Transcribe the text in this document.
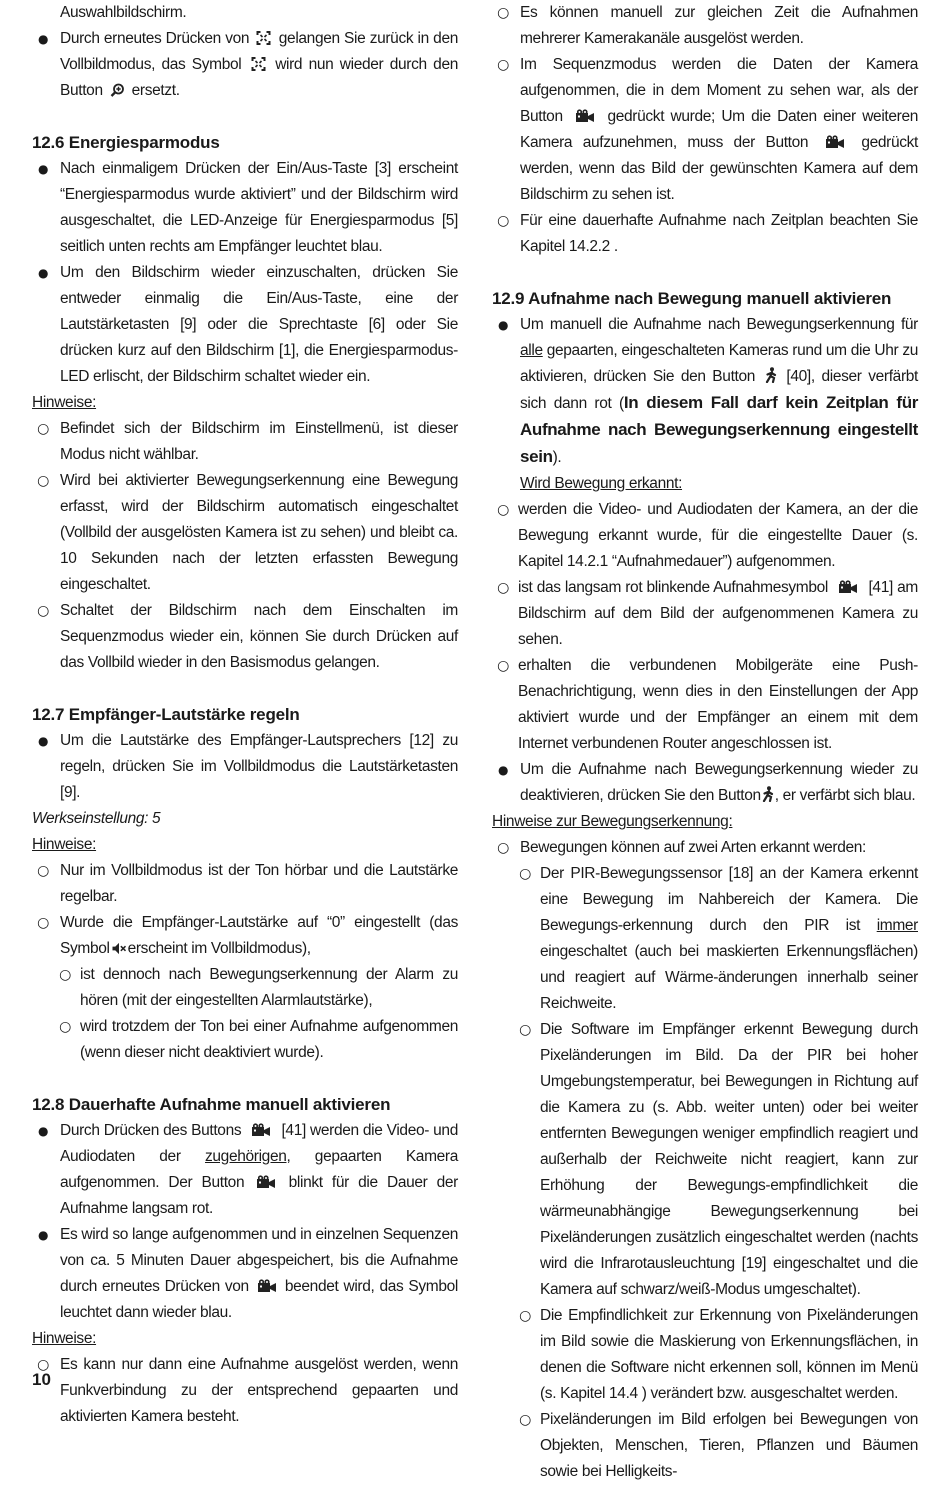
Auswahlbildschirm.

●
Durch erneutes Drücken von gelangen Sie zurück in den Vollbildmodus, das Symbol wird nun wieder durch den Button ersetzt.
12.6 Energiesparmodus
●
Nach einmaligem Drücken der Ein/Aus-Taste [3] erscheint “Energiesparmodus wurde aktiviert” und der Bildschirm wird ausgeschaltet, die LED-Anzeige für Energiesparmodus [5] seitlich unten rechts am Empfänger leuchtet blau.
●
Um den Bildschirm wieder einzuschalten, drücken Sie entweder einmalig die Ein/Aus-Taste, eine der Lautstärketasten [9] oder die Sprechtaste [6] oder Sie drücken kurz auf den Bildschirm [1], die Energiesparmodus-LED erlischt, der Bildschirm schaltet wieder ein.
Hinweise:
○
Befindet sich der Bildschirm im Einstellmenü, ist dieser Modus nicht wählbar.
○
Wird bei aktivierter Bewegungserkennung eine Bewegung erfasst, wird der Bildschirm automatisch eingeschaltet (Vollbild der ausgelösten Kamera ist zu sehen) und bleibt ca. 10 Sekunden nach der letzten erfassten Bewegung eingeschaltet.
○
Schaltet der Bildschirm nach dem Einschalten im Sequenzmodus wieder ein, können Sie durch Drücken auf das Vollbild wieder in den Basismodus gelangen.
12.7 Empfänger-Lautstärke regeln
●
Um die Lautstärke des Empfänger-Lautsprechers [12] zu regeln, drücken Sie im Vollbildmodus die Lautstärketasten [9].
Werkseinstellung: 5
Hinweise:
○
Nur im Vollbildmodus ist der Ton hörbar und die Lautstärke regelbar.
○
Wurde die Empfänger-Lautstärke auf “0” eingestellt (das Symbol erscheint im Vollbildmodus),
○
ist dennoch nach Bewegungserkennung der Alarm zu hören (mit der eingestellten Alarmlautstärke),
○
wird trotzdem der Ton bei einer Aufnahme aufgenommen (wenn dieser nicht deaktiviert wurde).
12.8 Dauerhafte Aufnahme manuell aktivieren
●
Durch Drücken des Buttons	[41] werden die Video- und Audiodaten der zugehörigen, gepaarten Kamera aufgenommen. Der Button	blinkt für die Dauer der Aufnahme langsam rot.
●
Es wird so lange aufgenommen und in einzelnen Sequenzen von ca. 5 Minuten Dauer abgespeichert, bis die Aufnahme durch erneutes Drücken von beendet wird, das Symbol leuchtet dann wieder blau.
Hinweise:
○
Es kann nur dann eine Aufnahme ausgelöst werden, wenn Funkverbindung zu der entsprechend gepaarten und aktivierten Kamera besteht.
○
Es können manuell zur gleichen Zeit die Aufnahmen mehrerer Kamerakanäle ausgelöst werden.
○
Im Sequenzmodus werden die Daten der Kamera aufgenommen, die in dem Moment zu sehen war, als der Button	gedrückt wurde; Um die Daten einer weiteren Kamera aufzunehmen, muss der Button	gedrückt werden, wenn das Bild der gewünschten Kamera auf dem Bildschirm zu sehen ist.
○
Für eine dauerhafte Aufnahme nach Zeitplan beachten Sie Kapitel 14.2.2 .
12.9 Aufnahme nach Bewegung manuell aktivieren
●
Um manuell die Aufnahme nach Bewegungserkennung für alle gepaarten, eingeschalteten Kameras rund um die Uhr zu aktivieren, drücken Sie den Button [40], dieser verfärbt sich dann rot (In diesem Fall darf kein Zeitplan für Aufnahme nach Bewegungserkennung eingestellt sein).
Wird Bewegung erkannt:
○
werden die Video- und Audiodaten der Kamera, an der die Bewegung erkannt wurde, für die eingestellte Dauer (s. Kapitel 14.2.1 “Aufnahmedauer”) aufgenommen.
○
ist das langsam rot blinkende Aufnahmesymbol	[41] am Bildschirm auf dem Bild der aufgenommenen Kamera zu sehen.
○
erhalten die verbundenen Mobilgeräte eine Push-Benachrichtigung, wenn dies in den Einstellungen der App aktiviert wurde und der Empfänger an einem mit dem Internet verbundenen Router angeschlossen ist.
●
Um die Aufnahme nach Bewegungserkennung wieder zu deaktivieren, drücken Sie den Button , er verfärbt sich blau.
Hinweise zur Bewegungserkennung:
○
Bewegungen können auf zwei Arten erkannt werden:
○
Der PIR-Bewegungssensor [18] an der Kamera erkennt eine Bewegung im Nahbereich der Kamera. Die Bewegungs-erkennung durch den PIR ist immer eingeschaltet (auch bei maskierten Erkennungsflächen) und reagiert auf Wärme-änderungen innerhalb seiner Reichweite.
○
Die Software im Empfänger erkennt Bewegung durch Pixeländerungen im Bild. Da der PIR bei hoher Umgebungstemperatur, bei Bewegungen in Richtung auf die Kamera zu (s. Abb. weiter unten) oder bei weiter entfernten Bewegungen weniger empfindlich reagiert und außerhalb der Reichweite nicht reagiert, kann zur Erhöhung der Bewegungs-empfindlichkeit die wärmeunabhängige Bewegungserkennung bei Pixeländerungen zusätzlich eingeschaltet werden (nachts wird die Infrarotausleuchtung [19] eingeschaltet und die Kamera auf schwarz/weiß-Modus umgeschaltet).
○
Die Empfindlichkeit zur Erkennung von Pixeländerungen im Bild sowie die Maskierung von Erkennungsflächen, in denen die Software nicht erkennen soll, können im Menü (s. Kapitel 14.4 ) verändert bzw. ausgeschaltet werden.
○
Pixeländerungen im Bild erfolgen bei Bewegungen von Objekten, Menschen, Tieren, Pflanzen und Bäumen sowie bei Helligkeits-
10
